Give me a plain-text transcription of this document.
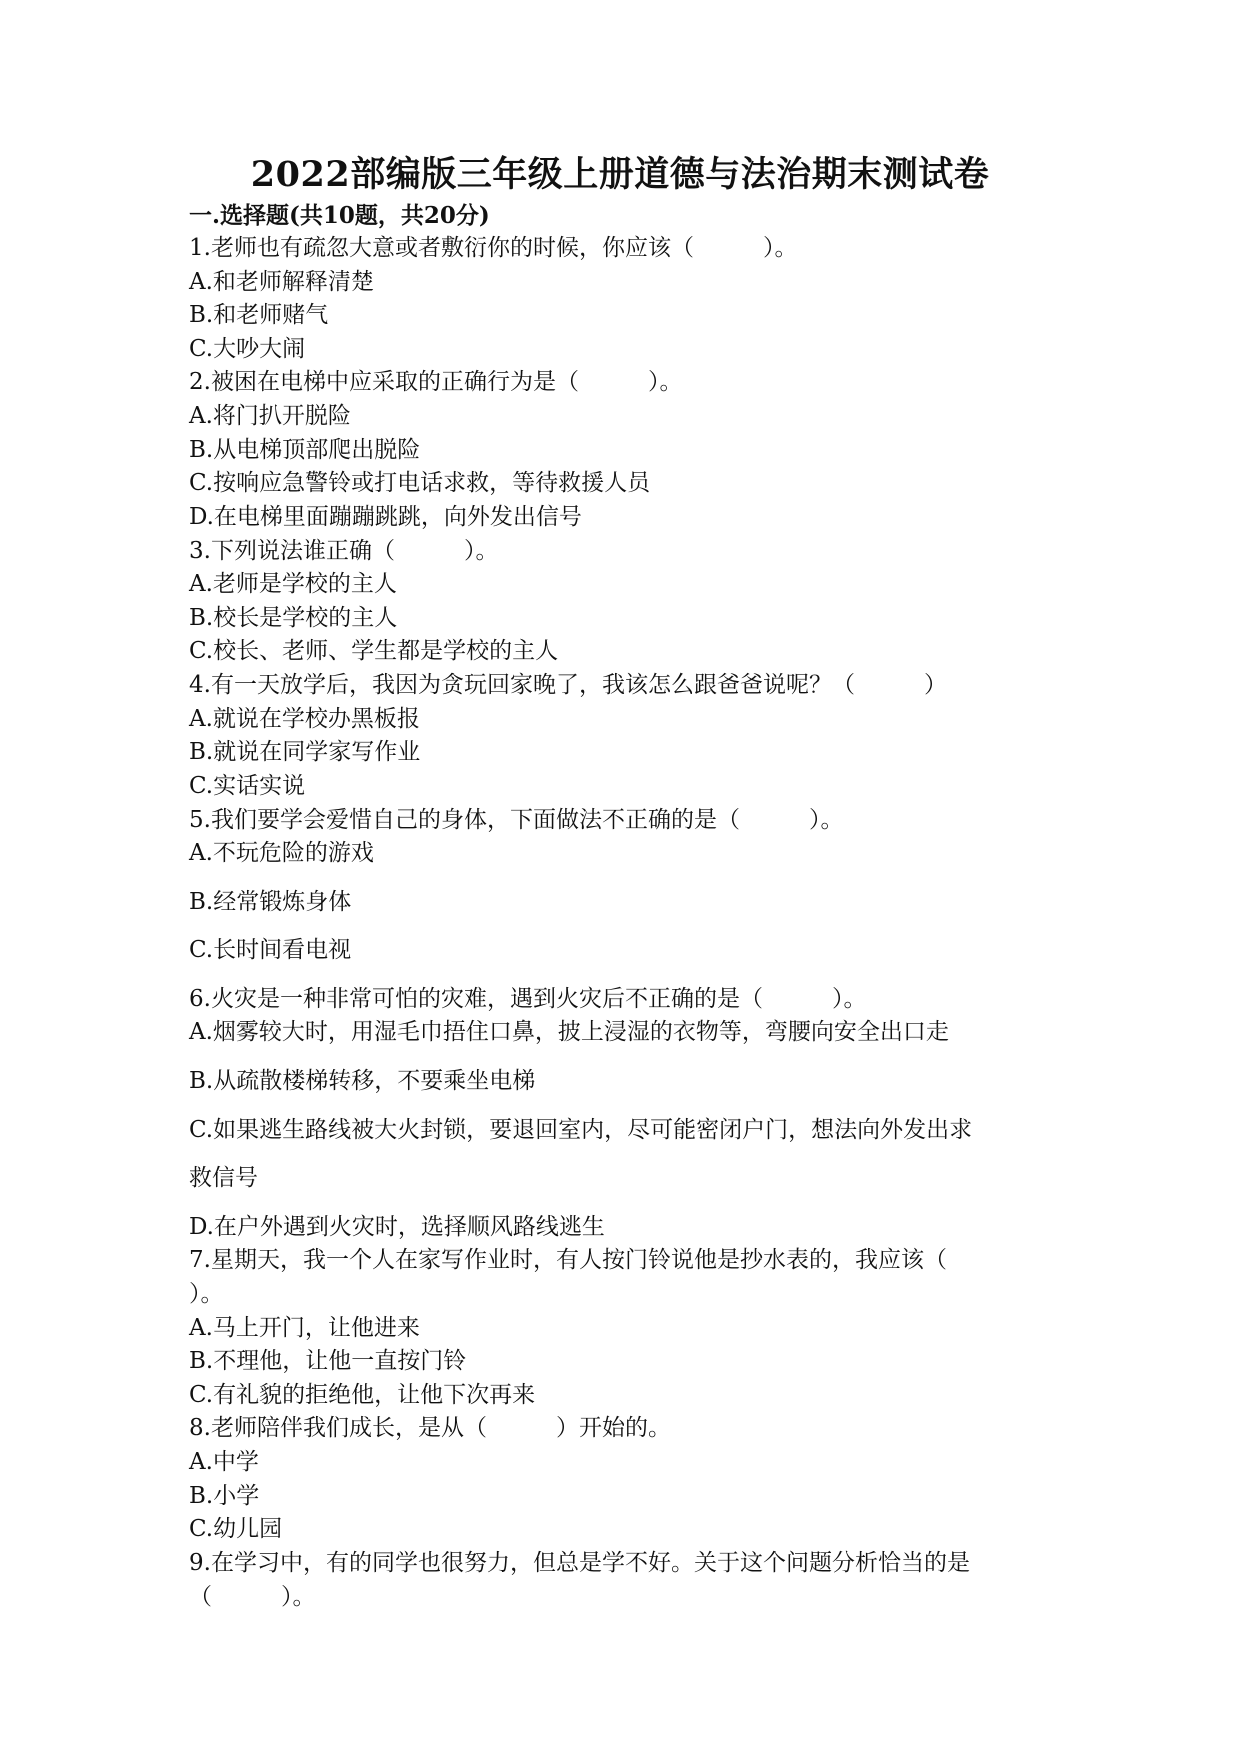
2022部编版三年级上册道德与法治期末测试卷
一.选择题(共10题，共20分)
1.老师也有疏忽大意或者敷衍你的时候，你应该（　　　）。
A.和老师解释清楚
B.和老师赌气
C.大吵大闹
2.被困在电梯中应采取的正确行为是（　　　）。
A.将门扒开脱险
B.从电梯顶部爬出脱险
C.按响应急警铃或打电话求救，等待救援人员
D.在电梯里面蹦蹦跳跳，向外发出信号
3.下列说法谁正确（　　　）。
A.老师是学校的主人
B.校长是学校的主人
C.校长、老师、学生都是学校的主人
4.有一天放学后，我因为贪玩回家晚了，我该怎么跟爸爸说呢？（　　　）
A.就说在学校办黑板报
B.就说在同学家写作业
C.实话实说
5.我们要学会爱惜自己的身体，下面做法不正确的是（　　　）。
A.不玩危险的游戏
B.经常锻炼身体
C.长时间看电视
6.火灾是一种非常可怕的灾难，遇到火灾后不正确的是（　　　）。
A.烟雾较大时，用湿毛巾捂住口鼻，披上浸湿的衣物等，弯腰向安全出口走
B.从疏散楼梯转移，不要乘坐电梯
C.如果逃生路线被大火封锁，要退回室内，尽可能密闭户门，想法向外发出求
救信号
D.在户外遇到火灾时，选择顺风路线逃生
7.星期天，我一个人在家写作业时，有人按门铃说他是抄水表的，我应该（
）。
A.马上开门，让他进来
B.不理他，让他一直按门铃
C.有礼貌的拒绝他，让他下次再来
8.老师陪伴我们成长，是从（　　　）开始的。
A.中学
B.小学
C.幼儿园
9.在学习中，有的同学也很努力，但总是学不好。关于这个问题分析恰当的是
（　　　）。
